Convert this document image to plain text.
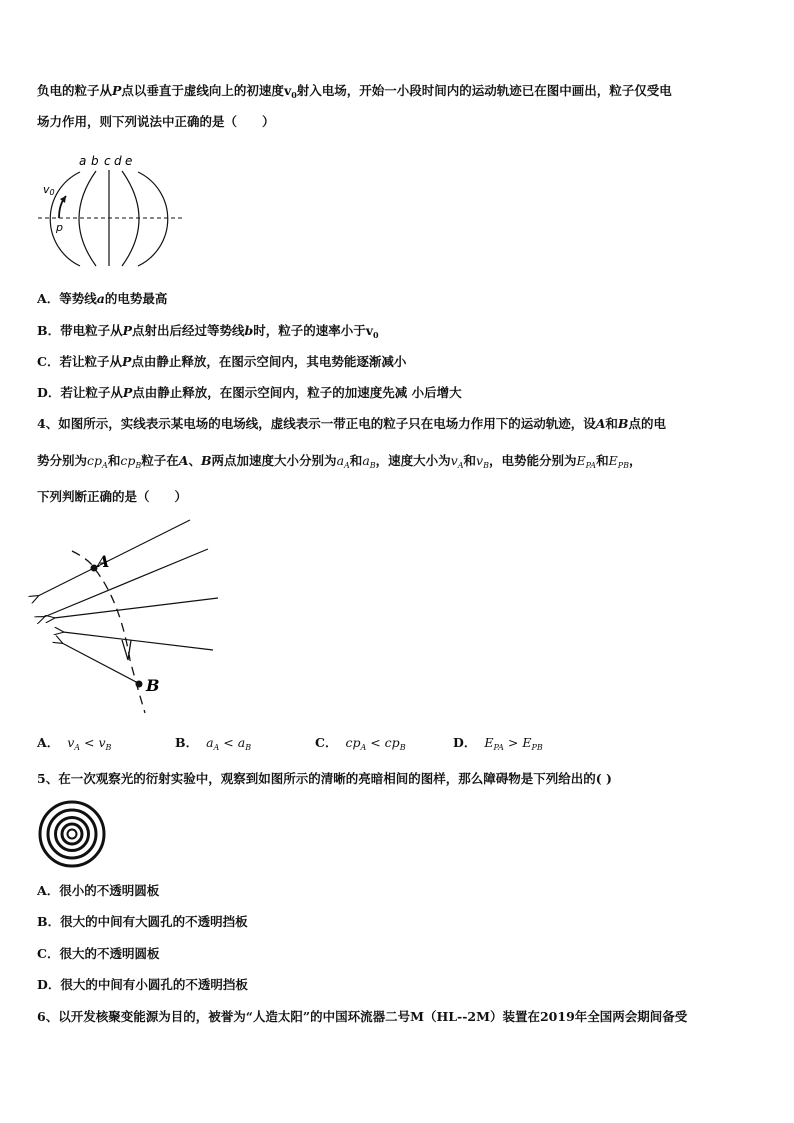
负电的粒子从P点以垂直于虚线向上的初速度$v_0$射入电场，开始一小段时间内的运动轨迹已在图中画出，粒子仅受电
场力作用，则下列说法中正确的是（　　）
a b c d e
v0
p
A．等势线a的电势最高
B．带电粒子从P点射出后经过等势线b时，粒子的速率小于$v_0$
C．若让粒子从P点由静止释放，在图示空间内，其电势能逐渐减小
D．若让粒子从P点由静止释放，在图示空间内，粒子的加速度先减 小后增大
4、如图所示，实线表示某电场的电场线，虚线表示一带正电的粒子只在电场力作用下的运动轨迹，设A和B点的电
势分别为$cp_A$和$cp_B$粒子在A、B两点加速度大小分别为$a_A$和$a_B$，速度大小为$v_A$和$v_B$，电势能分别为$E_{PA}$和$E_{PB}$，
下列判断正确的是（　　）
A
B
A． $v_A < v_B$	B． $a_A < a_B$	C． $cp_A < cp_B$	D． $E_{PA} > E_{PB}$
5、在一次观察光的衍射实验中，观察到如图所示的清晰的亮暗相间的图样，那么障碍物是下列给出的( )
A．很小的不透明圆板
B．很大的中间有大圆孔的不透明挡板
C．很大的不透明圆板
D．很大的中间有小圆孔的不透明挡板
6、以开发核聚变能源为目的，被誉为“人造太阳”的中国环流器二号M（HL--2M）装置在2019年全国两会期间备受
